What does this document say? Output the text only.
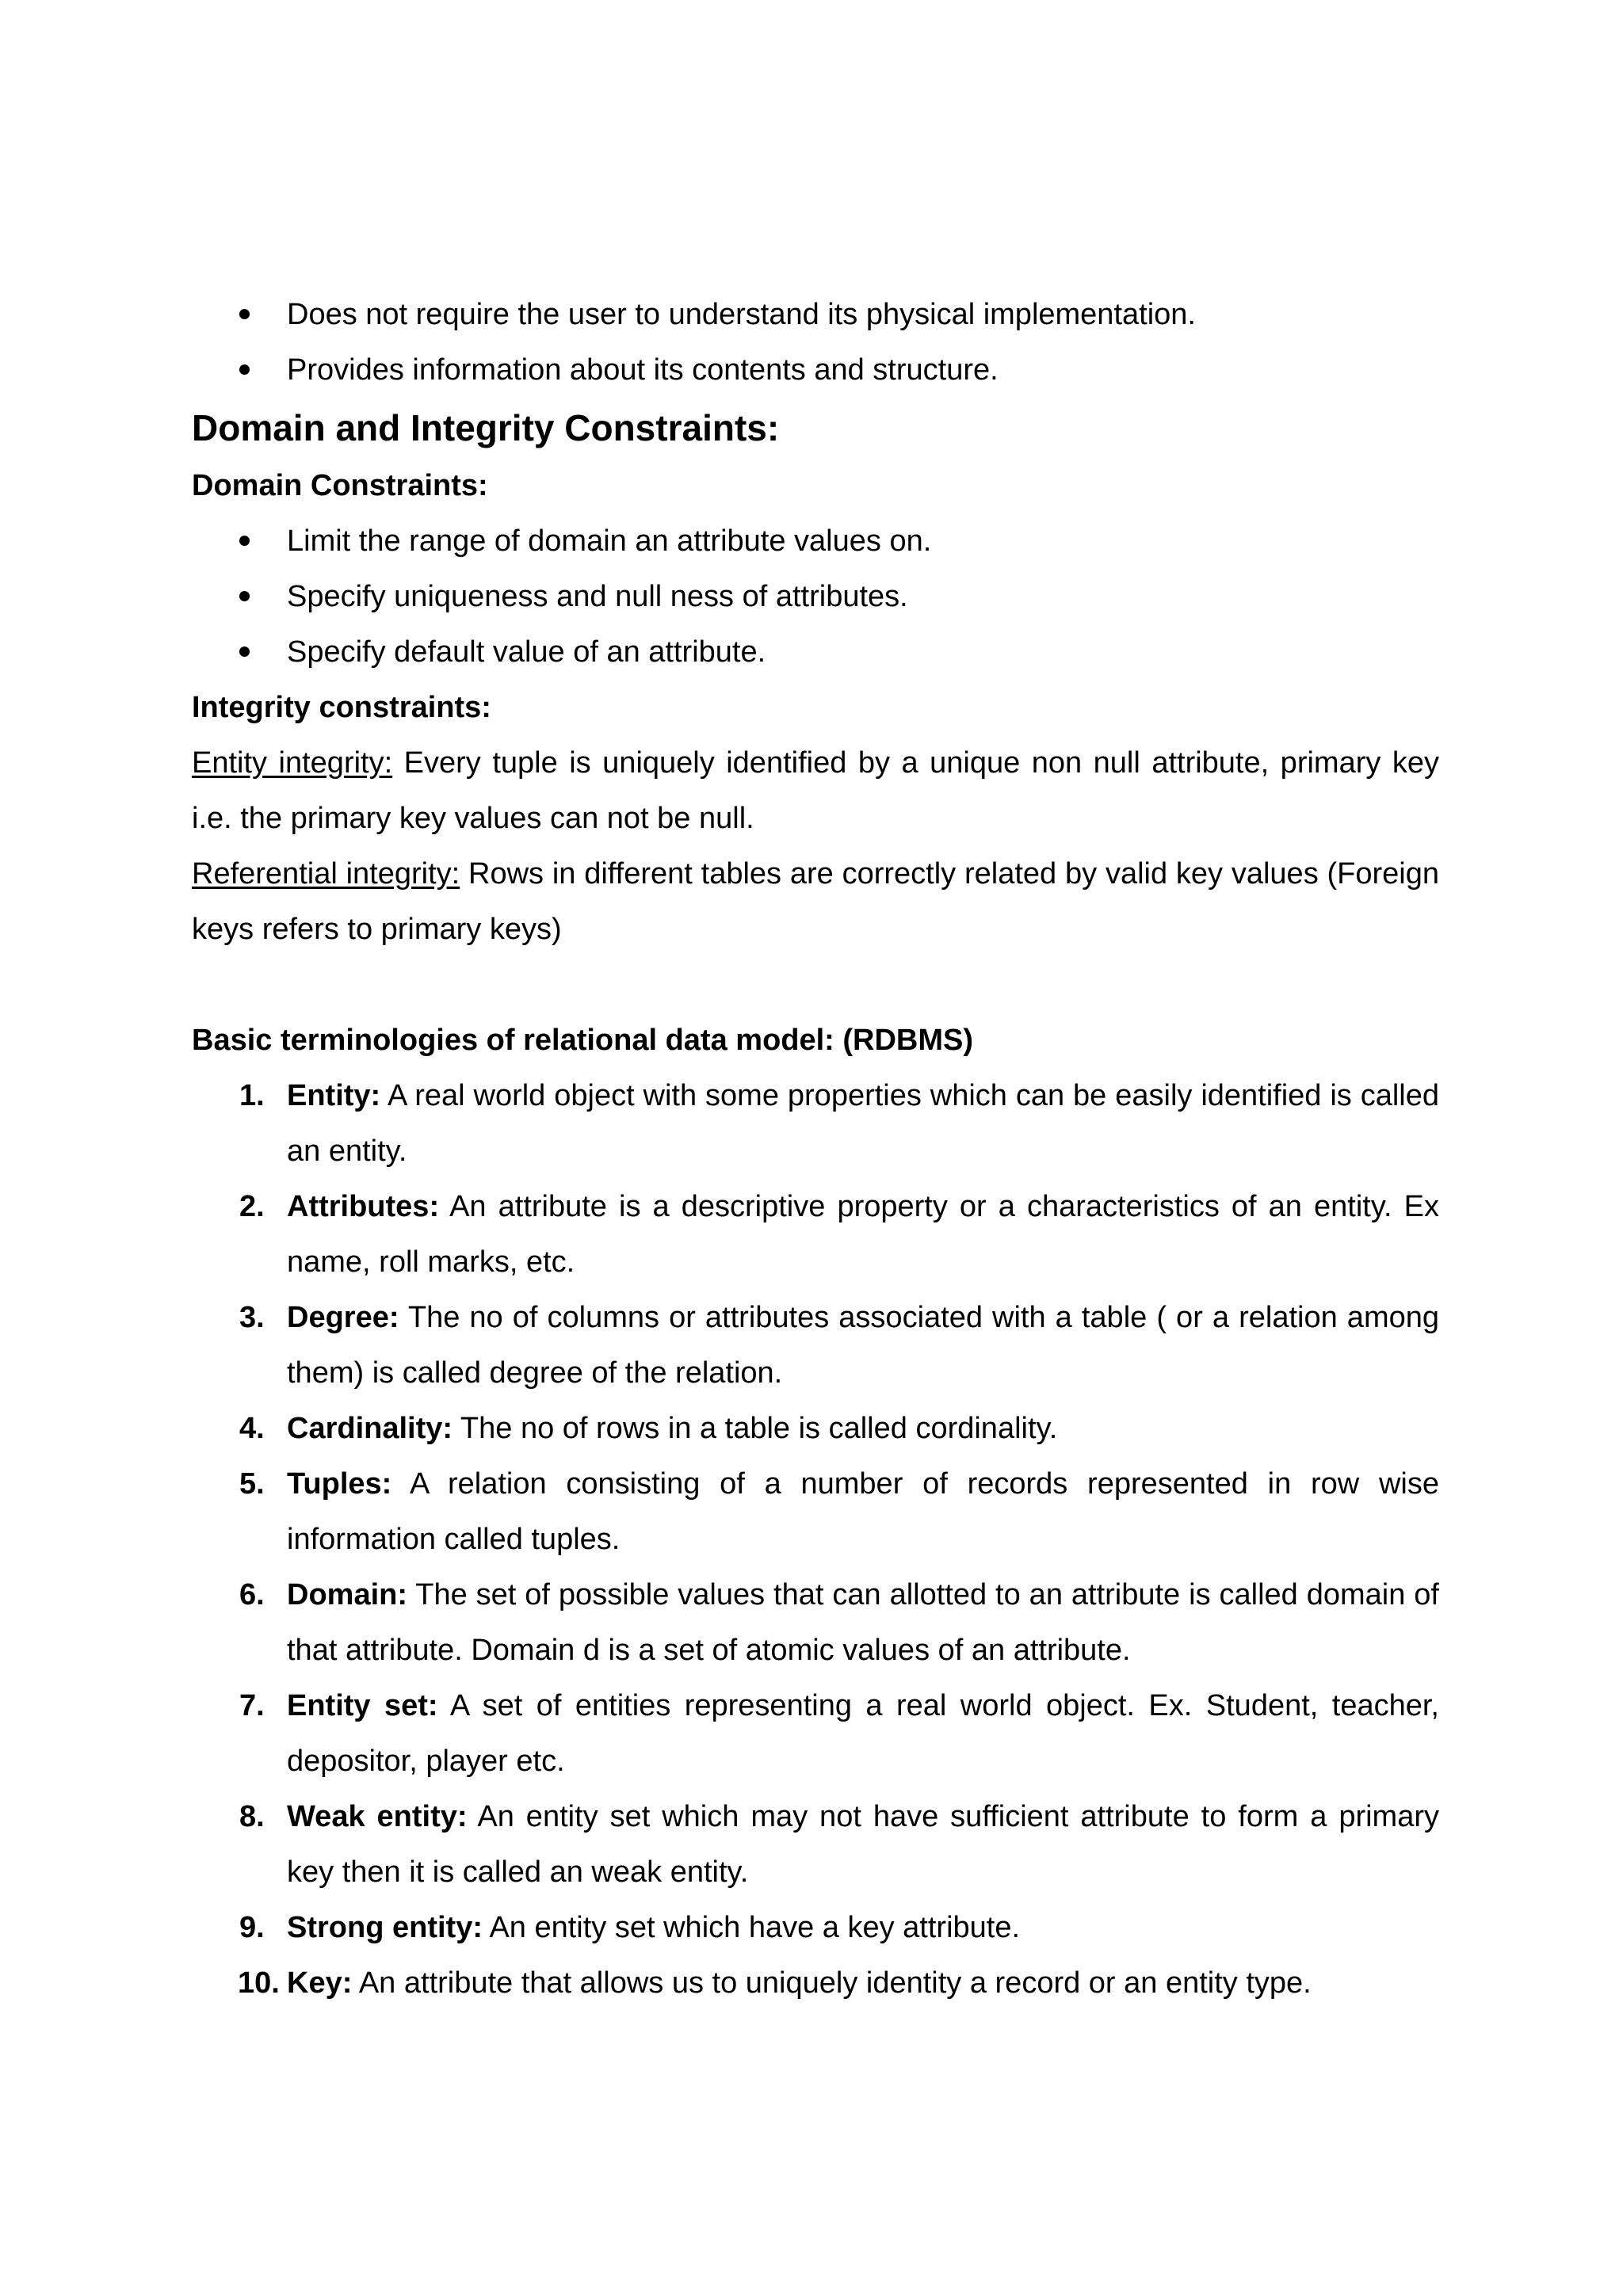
Does not require the user to understand its physical implementation.
Provides information about its contents and structure.

Domain and Integrity Constraints:

Domain Constraints:

Limit the range of domain an attribute values on.
Specify uniqueness and null ness of attributes.
Specify default value of an attribute.

Integrity constraints:

Entity integrity: Every tuple is uniquely identified by a unique non null attribute, primary key i.e. the primary key values can not be null.

Referential integrity: Rows in different tables are correctly related by valid key values (Foreign keys refers to primary keys)

Basic terminologies of relational data model: (RDBMS)

1. Entity: A real world object with some properties which can be easily identified is called an entity.
2. Attributes: An attribute is a descriptive property or a characteristics of an entity. Ex name, roll marks, etc.
3. Degree: The no of columns or attributes associated with a table ( or a relation among them) is called degree of the relation.
4. Cardinality: The no of rows in a table is called cordinality.
5. Tuples: A relation consisting of a number of records represented in row wise information called tuples.
6. Domain: The set of possible values that can allotted to an attribute is called domain of that attribute. Domain d is a set of atomic values of an attribute.
7. Entity set: A set of entities representing a real world object. Ex. Student, teacher, depositor, player etc.
8. Weak entity: An entity set which may not have sufficient attribute to form a primary key then it is called an weak entity.
9. Strong entity: An entity set which have a key attribute.
10. Key: An attribute that allows us to uniquely identity a record or an entity type.
